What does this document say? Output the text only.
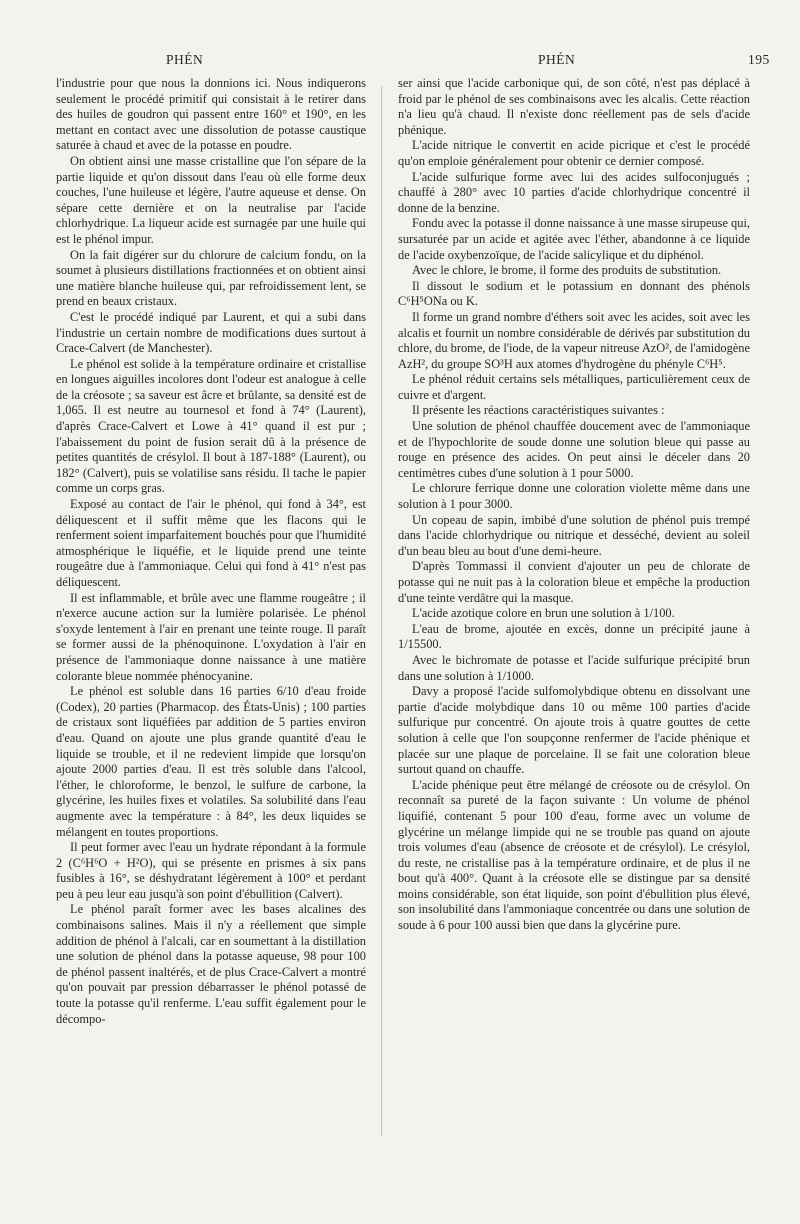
PHÉN	PHÉN	195

l'industrie pour que nous la donnions ici. Nous indiquerons seulement le procédé primitif qui consistait à le retirer dans des huiles de goudron qui passent entre 160° et 190°, en les mettant en contact avec une dissolution de potasse caustique saturée à chaud et avec de la potasse en poudre.

On obtient ainsi une masse cristalline que l'on sépare de la partie liquide et qu'on dissout dans l'eau où elle forme deux couches, l'une huileuse et légère, l'autre aqueuse et dense. On sépare cette dernière et on la neutralise par l'acide chlorhydrique. La liqueur acide est surnagée par une huile qui est le phénol impur.

On la fait digérer sur du chlorure de calcium fondu, on la soumet à plusieurs distillations fractionnées et on obtient ainsi une matière blanche huileuse qui, par refroidissement lent, se prend en beaux cristaux.

C'est le procédé indiqué par Laurent, et qui a subi dans l'industrie un certain nombre de modifications dues surtout à Crace-Calvert (de Manchester).

Le phénol est solide à la température ordinaire et cristallise en longues aiguilles incolores dont l'odeur est analogue à celle de la créosote ; sa saveur est âcre et brûlante, sa densité est de 1,065. Il est neutre au tournesol et fond à 74° (Laurent), d'après Crace-Calvert et Lowe à 41° quand il est pur ; l'abaissement du point de fusion serait dû à la présence de petites quantités de crésylol. Il bout à 187-188° (Laurent), ou 182° (Calvert), puis se volatilise sans résidu. Il tache le papier comme un corps gras.

Exposé au contact de l'air le phénol, qui fond à 34°, est déliquescent et il suffit même que les flacons qui le renferment soient imparfaitement bouchés pour que l'humidité atmosphérique le liquéfie, et le liquide prend une teinte rougeâtre due à l'ammoniaque. Celui qui fond à 41° n'est pas déliquescent.

Il est inflammable, et brûle avec une flamme rougeâtre ; il n'exerce aucune action sur la lumière polarisée. Le phénol s'oxyde lentement à l'air en prenant une teinte rouge. Il paraît se former aussi de la phénoquinone. L'oxydation à l'air en présence de l'ammoniaque donne naissance à une matière colorante bleue nommée phénocyanine.

Le phénol est soluble dans 16 parties 6/10 d'eau froide (Codex), 20 parties (Pharmacop. des États-Unis) ; 100 parties de cristaux sont liquéfiées par addition de 5 parties environ d'eau. Quand on ajoute une plus grande quantité d'eau le liquide se trouble, et il ne redevient limpide que lorsqu'on ajoute 2000 parties d'eau. Il est très soluble dans l'alcool, l'éther, le chloroforme, le benzol, le sulfure de carbone, la glycérine, les huiles fixes et volatiles. Sa solubilité dans l'eau augmente avec la température : à 84°, les deux liquides se mélangent en toutes proportions.

Il peut former avec l'eau un hydrate répondant à la formule 2 (C⁶H⁶O + H²O), qui se présente en prismes à six pans fusibles à 16°, se déshydratant légèrement à 100° et perdant peu à peu leur eau jusqu'à son point d'ébullition (Calvert).

Le phénol paraît former avec les bases alcalines des combinaisons salines. Mais il n'y a réellement que simple addition de phénol à l'alcali, car en soumettant à la distillation une solution de phénol dans la potasse aqueuse, 98 pour 100 de phénol passent inaltérés, et de plus Crace-Calvert a montré qu'on pouvait par pression débarrasser le phénol potassé de toute la potasse qu'il renferme. L'eau suffit également pour le décompo-

ser ainsi que l'acide carbonique qui, de son côté, n'est pas déplacé à froid par le phénol de ses combinaisons avec les alcalis. Cette réaction n'a lieu qu'à chaud. Il n'existe donc réellement pas de sels d'acide phénique.

L'acide nitrique le convertit en acide picrique et c'est le procédé qu'on emploie généralement pour obtenir ce dernier composé.

L'acide sulfurique forme avec lui des acides sulfoconjugués ; chauffé à 280° avec 10 parties d'acide chlorhydrique concentré il donne de la benzine.

Fondu avec la potasse il donne naissance à une masse sirupeuse qui, sursaturée par un acide et agitée avec l'éther, abandonne à ce liquide de l'acide oxybenzoïque, de l'acide salicylique et du diphénol.

Avec le chlore, le brome, il forme des produits de substitution.

Il dissout le sodium et le potassium en donnant des phénols C⁶H⁵ONa ou K.

Il forme un grand nombre d'éthers soit avec les acides, soit avec les alcalis et fournit un nombre considérable de dérivés par substitution du chlore, du brome, de l'iode, de la vapeur nitreuse AzO², de l'amidogène AzH², du groupe SO³H aux atomes d'hydrogène du phényle C⁶H⁵.

Le phénol réduit certains sels métalliques, particulièrement ceux de cuivre et d'argent.

Il présente les réactions caractéristiques suivantes :

Une solution de phénol chauffée doucement avec de l'ammoniaque et de l'hypochlorite de soude donne une solution bleue qui passe au rouge en présence des acides. On peut ainsi le déceler dans 20 centimètres cubes d'une solution à 1 pour 5000.

Le chlorure ferrique donne une coloration violette même dans une solution à 1 pour 3000.

Un copeau de sapin, imbibé d'une solution de phénol puis trempé dans l'acide chlorhydrique ou nitrique et desséché, devient au soleil d'un beau bleu au bout d'une demi-heure.

D'après Tommassi il convient d'ajouter un peu de chlorate de potasse qui ne nuit pas à la coloration bleue et empêche la production d'une teinte verdâtre qui la masque.

L'acide azotique colore en brun une solution à 1/100.

L'eau de brome, ajoutée en excès, donne un précipité jaune à 1/15500.

Avec le bichromate de potasse et l'acide sulfurique précipité brun dans une solution à 1/1000.

Davy a proposé l'acide sulfomolybdique obtenu en dissolvant une partie d'acide molybdique dans 10 ou même 100 parties d'acide sulfurique pur concentré. On ajoute trois à quatre gouttes de cette solution à celle que l'on soupçonne renfermer de l'acide phénique et placée sur une plaque de porcelaine. Il se fait une coloration bleue surtout quand on chauffe.

L'acide phénique peut être mélangé de créosote ou de crésylol. On reconnaît sa pureté de la façon suivante : Un volume de phénol liquifié, contenant 5 pour 100 d'eau, forme avec un volume de glycérine un mélange limpide qui ne se trouble pas quand on ajoute trois volumes d'eau (absence de créosote et de crésylol). Le crésylol, du reste, ne cristallise pas à la température ordinaire, et de plus il ne bout qu'à 400°. Quant à la créosote elle se distingue par sa densité moins considérable, son état liquide, son point d'ébullition plus élevé, son insolubilité dans l'ammoniaque concentrée ou dans une solution de soude à 6 pour 100 aussi bien que dans la glycérine pure.
